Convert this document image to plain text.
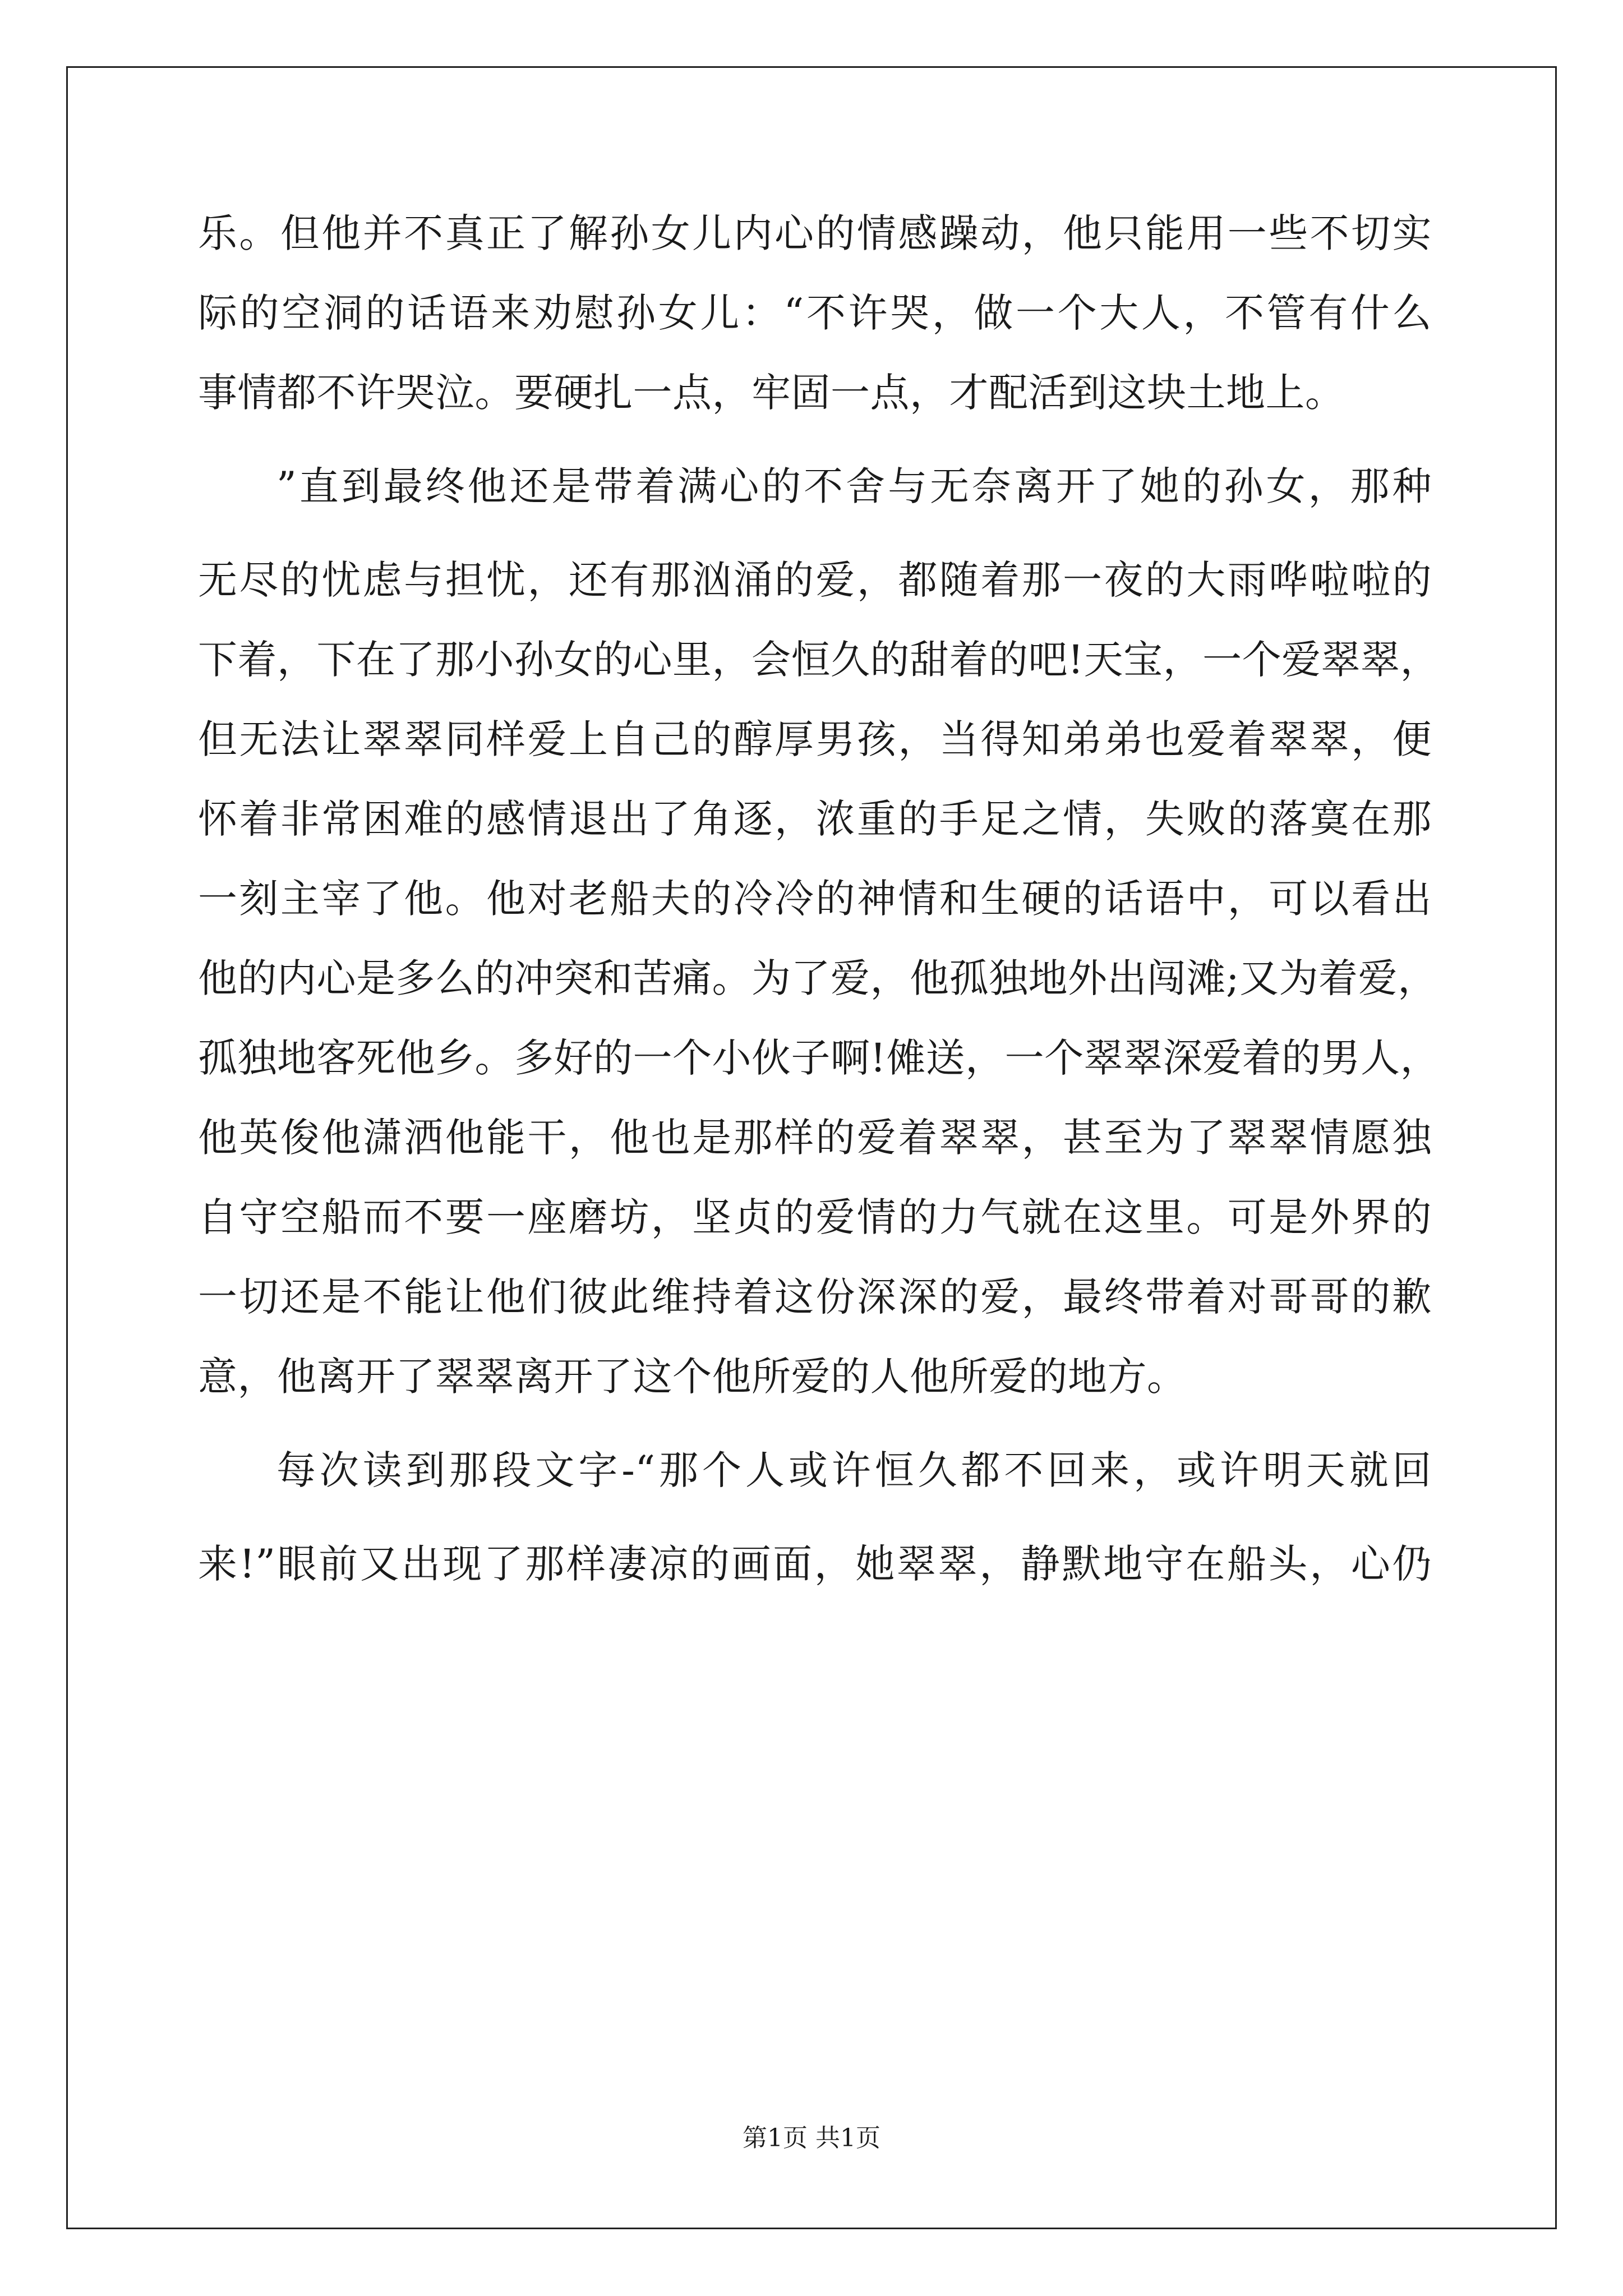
乐。但他并不真正了解孙女儿内心的情感躁动，他只能用一些不切实
际的空洞的话语来劝慰孙女儿：“不许哭，做一个大人，不管有什么
事情都不许哭泣。要硬扎一点，牢固一点，才配活到这块土地上。
”直到最终他还是带着满心的不舍与无奈离开了她的孙女，那种
无尽的忧虑与担忧，还有那汹涌的爱，都随着那一夜的大雨哗啦啦的
下着，下在了那小孙女的心里，会恒久的甜着的吧!天宝，一个爱翠翠，
但无法让翠翠同样爱上自己的醇厚男孩，当得知弟弟也爱着翠翠，便
怀着非常困难的感情退出了角逐，浓重的手足之情，失败的落寞在那
一刻主宰了他。他对老船夫的冷冷的神情和生硬的话语中，可以看出
他的内心是多么的冲突和苦痛。为了爱，他孤独地外出闯滩;又为着爱，
孤独地客死他乡。多好的一个小伙子啊!傩送，一个翠翠深爱着的男人，
他英俊他潇洒他能干，他也是那样的爱着翠翠，甚至为了翠翠情愿独
自守空船而不要一座磨坊，坚贞的爱情的力气就在这里。可是外界的
一切还是不能让他们彼此维持着这份深深的爱，最终带着对哥哥的歉
意，他离开了翠翠离开了这个他所爱的人他所爱的地方。
每次读到那段文字-“那个人或许恒久都不回来，或许明天就回
来!”眼前又出现了那样凄凉的画面，她翠翠，静默地守在船头，心仍
第1页 共1页
